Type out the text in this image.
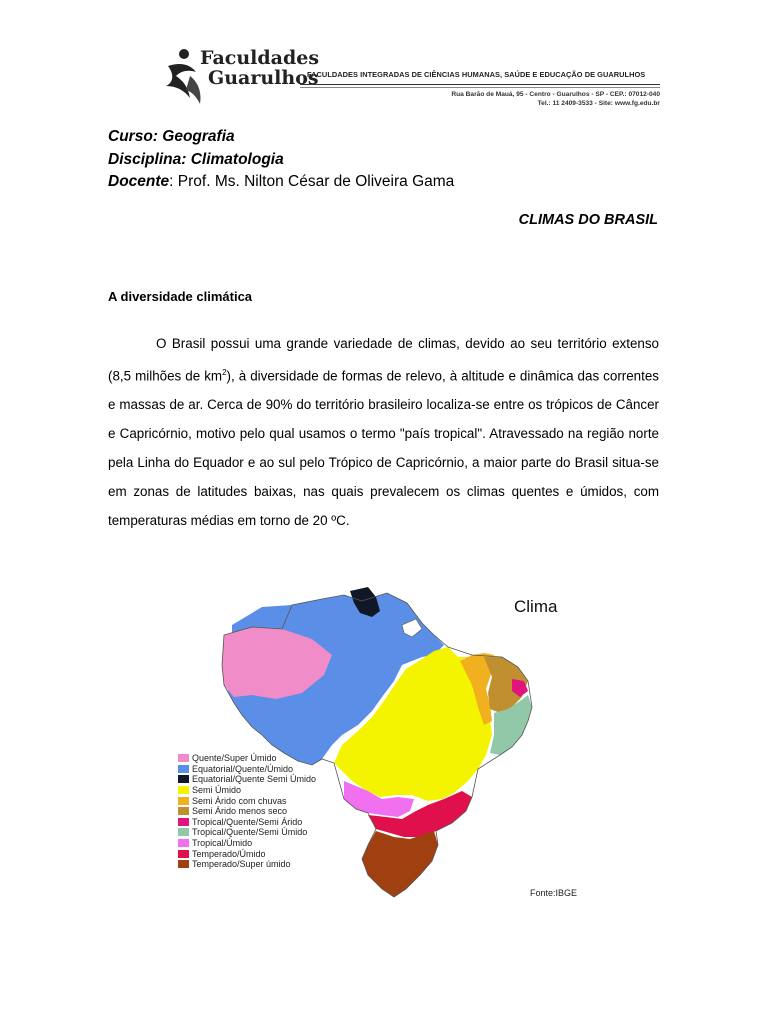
Faculdades
Guarulhos
FACULDADES INTEGRADAS DE CIÊNCIAS HUMANAS, SAÚDE E EDUCAÇÃO DE GUARULHOS
Rua Barão de Mauá, 95 - Centro - Guarulhos - SP - CEP.: 07012-040
Tel.: 11 2409-3533 - Site: www.fg.edu.br
Curso: Geografia
Disciplina: Climatologia
Docente: Prof. Ms. Nilton César de Oliveira Gama
CLIMAS DO BRASIL
A diversidade climática
O Brasil possui uma grande variedade de climas, devido ao seu território extenso (8,5 milhões de $km^2$), à diversidade de formas de relevo, à altitude e dinâmica das correntes e massas de ar. Cerca de 90% do território brasileiro localiza-se entre os trópicos de Câncer e Capricórnio, motivo pelo qual usamos o termo "país tropical". Atravessado na região norte pela Linha do Equador e ao sul pelo Trópico de Capricórnio, a maior parte do Brasil situa-se em zonas de latitudes baixas, nas quais prevalecem os climas quentes e úmidos, com temperaturas médias em torno de 20 ºC.
Clima
Quente/Super Úmido
Equatorial/Quente/Úmido
Equatorial/Quente Semi Úmido
Semi Úmido
Semi Árido com chuvas
Semi Árido menos seco
Tropical/Quente/Semi Árido
Tropical/Quente/Semi Úmido
Tropical/Úmido
Temperado/Úmido
Temperado/Super úmido
Fonte:IBGE
